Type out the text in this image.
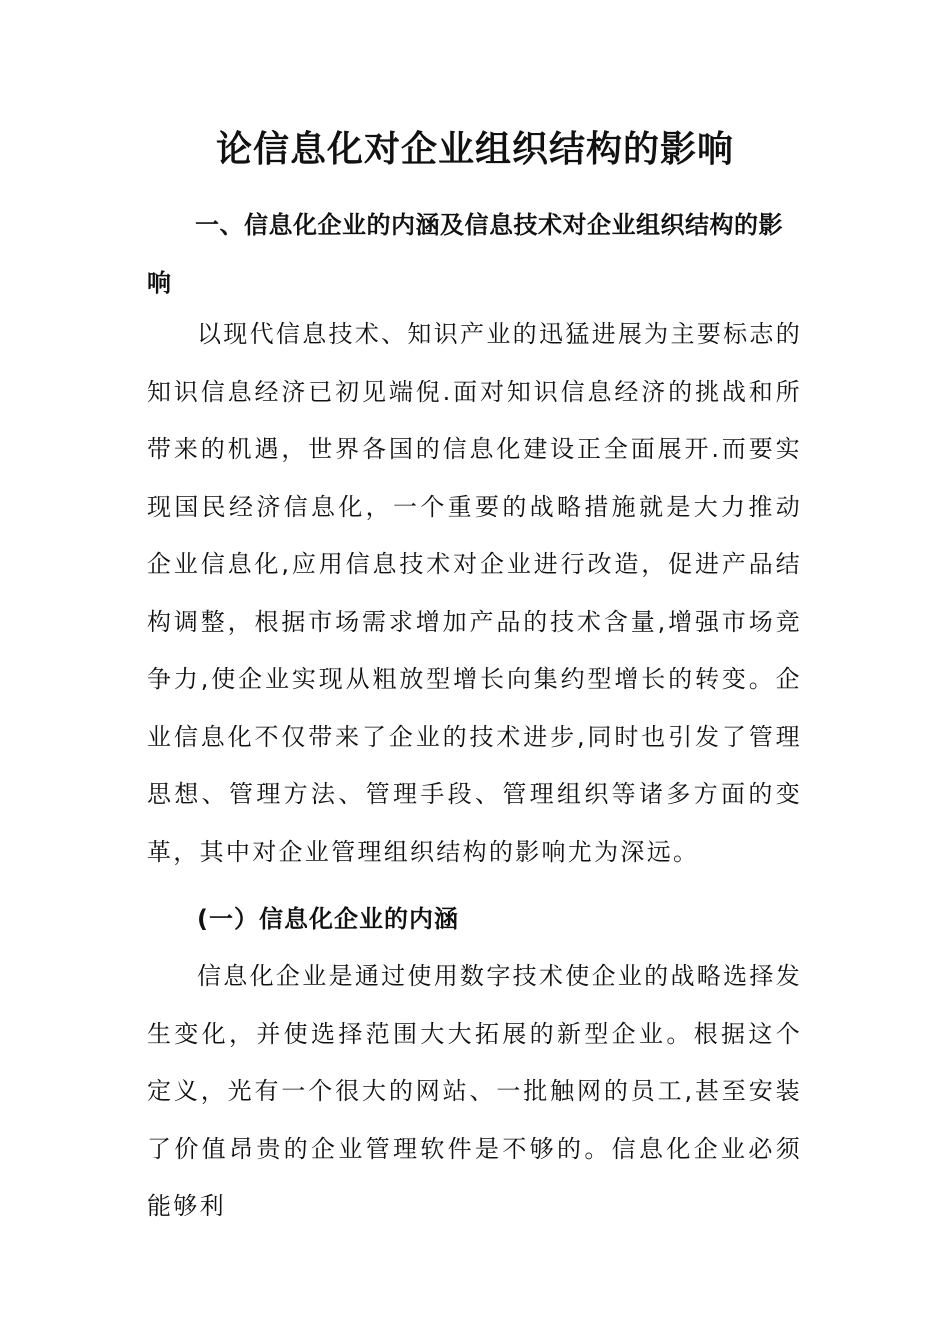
论信息化对企业组织结构的影响
一、信息化企业的内涵及信息技术对企业组织结构的影响

以现代信息技术、知识产业的迅猛进展为主要标志的知识信息经济已初见端倪.面对知识信息经济的挑战和所带来的机遇，世界各国的信息化建设正全面展开.而要实现国民经济信息化，一个重要的战略措施就是大力推动企业信息化,应用信息技术对企业进行改造，促进产品结构调整，根据市场需求增加产品的技术含量,增强市场竞争力,使企业实现从粗放型增长向集约型增长的转变。企业信息化不仅带来了企业的技术进步,同时也引发了管理思想、管理方法、管理手段、管理组织等诸多方面的变革，其中对企业管理组织结构的影响尤为深远。

(一）信息化企业的内涵

信息化企业是通过使用数字技术使企业的战略选择发生变化，并使选择范围大大拓展的新型企业。根据这个定义，光有一个很大的网站、一批触网的员工,甚至安装了价值昂贵的企业管理软件是不够的。信息化企业必须能够利
